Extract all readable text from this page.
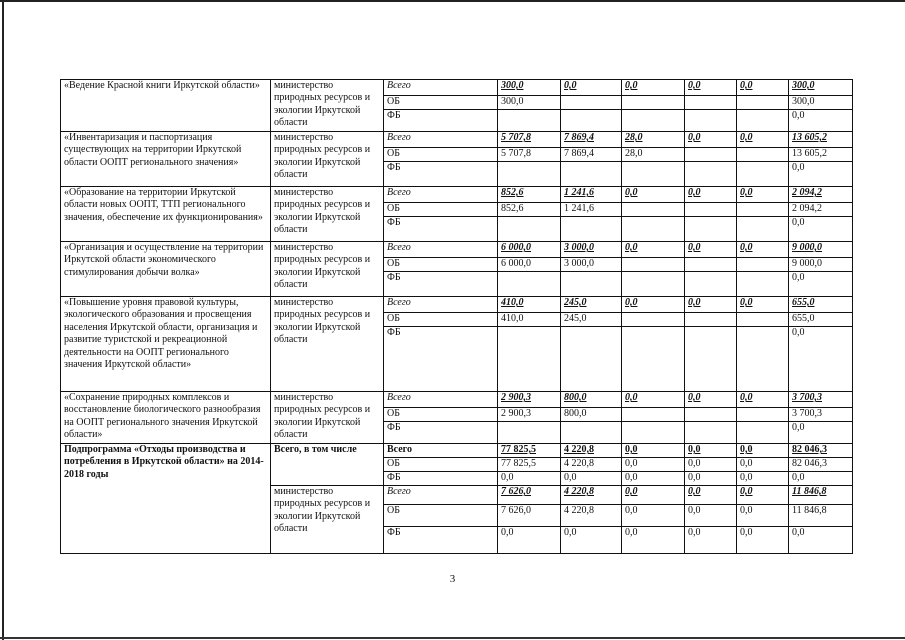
«Ведение Красной книги Иркутской области»	министерство природных ресурсов и экологии Иркутской области	Всего	300,0	0,0	0,0	0,0	0,0	300,0
		ОБ	300,0					300,0
		ФБ						0,0
«Инвентаризация и паспортизация существующих на территории Иркутской области ООПТ регионального значения»	министерство природных ресурсов и экологии Иркутской области	Всего	5 707,8	7 869,4	28,0	0,0	0,0	13 605,2
		ОБ	5 707,8	7 869,4	28,0			13 605,2
		ФБ						0,0
«Образование на территории Иркутской области новых ООПТ, ТТП регионального значения, обеспечение их функционирования»	министерство природных ресурсов и экологии Иркутской области	Всего	852,6	1 241,6	0,0	0,0	0,0	2 094,2
		ОБ	852,6	1 241,6				2 094,2
		ФБ						0,0
«Организация и осуществление на территории Иркутской области экономического стимулирования добычи волка»	министерство природных ресурсов и экологии Иркутской области	Всего	6 000,0	3 000,0	0,0	0,0	0,0	9 000,0
		ОБ	6 000,0	3 000,0				9 000,0
		ФБ						0,0
«Повышение уровня правовой культуры, экологического образования и просвещения населения Иркутской области, организация и развитие туристской и рекреационной деятельности на ООПТ регионального значения Иркутской области»	министерство природных ресурсов и экологии Иркутской области	Всего	410,0	245,0	0,0	0,0	0,0	655,0
		ОБ	410,0	245,0				655,0
		ФБ						0,0
«Сохранение природных комплексов и восстановление биологического разнообразия на ООПТ регионального значения Иркутской области»	министерство природных ресурсов и экологии Иркутской области	Всего	2 900,3	800,0	0,0	0,0	0,0	3 700,3
		ОБ	2 900,3	800,0				3 700,3
		ФБ						0,0
Подпрограмма «Отходы производства и потребления в Иркутской области» на 2014-2018 годы	Всего, в том числе	Всего	77 825,5	4 220,8	0,0	0,0	0,0	82 046,3
		ОБ	77 825,5	4 220,8	0,0	0,0	0,0	82 046,3
		ФБ	0,0	0,0	0,0	0,0	0,0	0,0
	министерство природных ресурсов и экологии Иркутской области	Всего	7 626,0	4 220,8	0,0	0,0	0,0	11 846,8
		ОБ	7 626,0	4 220,8	0,0	0,0	0,0	11 846,8
		ФБ	0,0	0,0	0,0	0,0	0,0	0,0
3
